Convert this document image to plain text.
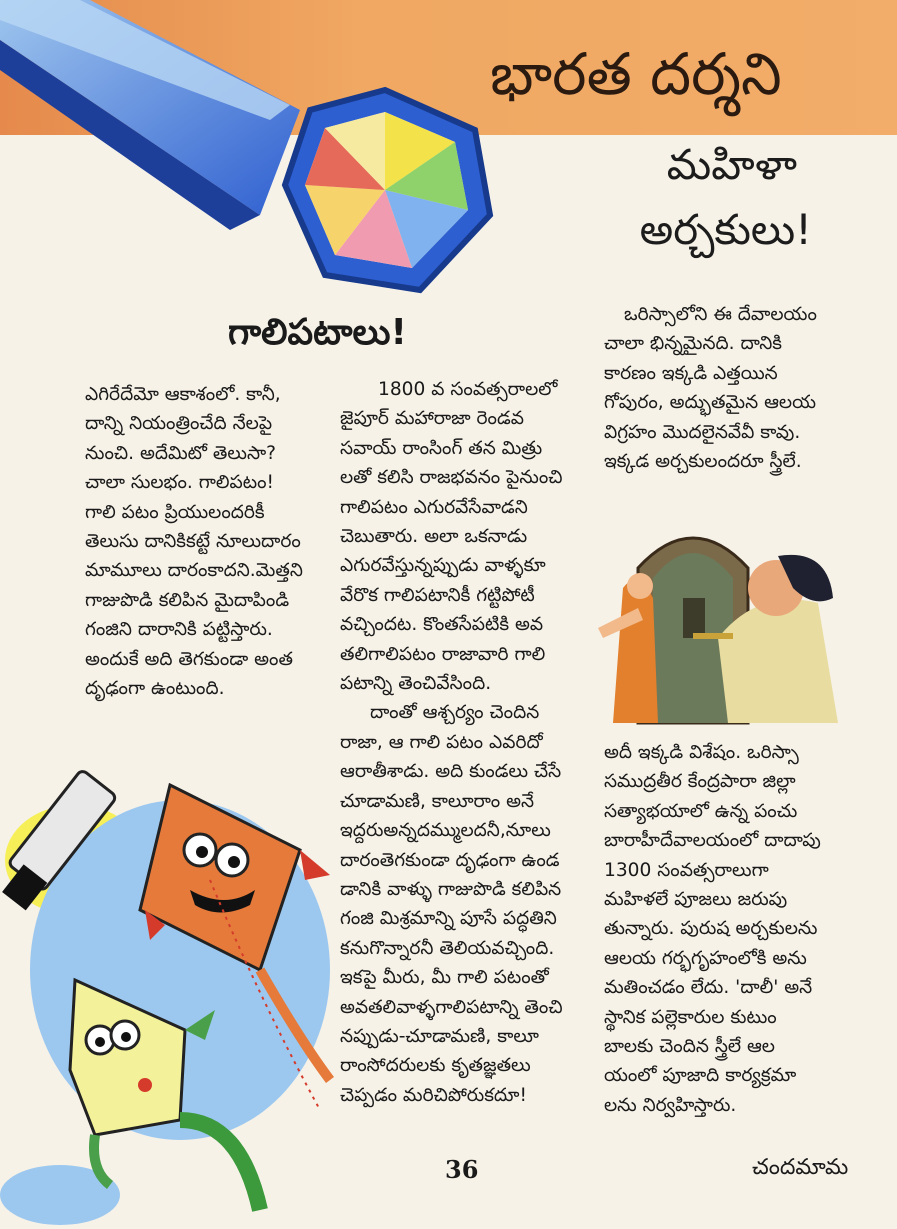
భారత దర్శని
మహిళా
అర్చకులు!
గాలిపటాలు!

ఎగిరేదేమో ఆకాశంలో. కానీ,

దాన్ని నియంత్రించేది నేలపై

నుంచి. అదేమిటో తెలుసా?

చాలా సులభం. గాలిపటం!

గాలి పటం ప్రియులందరికీ

తెలుసు దానికికట్టే నూలుదారం

మామూలు దారంకాదని.మెత్తని

గాజుపొడి కలిపిన మైదాపిండి

గంజిని దారానికి పట్టిస్తారు.

అందుకే అది తెగకుండా అంత

దృఢంగా ఉంటుంది.

1800 వ సంవత్సరాలలో

జైపూర్ మహారాజా రెండవ

సవాయ్ రాంసింగ్ తన మిత్రు

లతో కలిసి రాజభవనం పైనుంచి

గాలిపటం ఎగురవేసేవాడని

చెబుతారు. అలా ఒకనాడు

ఎగురవేస్తున్నప్పుడు వాళ్ళకూ

వేరొక గాలిపటానికీ గట్టిపోటీ

వచ్చిందట. కొంతసేపటికి అవ

తలిగాలిపటం రాజావారి గాలి

పటాన్ని తెంచివేసింది.

దాంతో ఆశ్చర్యం చెందిన

రాజా, ఆ గాలి పటం ఎవరిదో

ఆరాతీశాడు. అది కుండలు చేసే

చూడామణి, కాలూరాం అనే

ఇద్దరుఅన్నదమ్ములదనీ,నూలు

దారంతెగకుండా దృఢంగా ఉండ

డానికి వాళ్ళు గాజుపొడి కలిపిన

గంజి మిశ్రమాన్ని పూసే పద్ధతిని

కనుగొన్నారనీ తెలియవచ్చింది.

ఇకపై మీరు, మీ గాలి పటంతో

అవతలివాళ్ళగాలిపటాన్ని తెంచి

నప్పుడు-చూడామణి, కాలూ

రాంసోదరులకు కృతజ్ఞతలు

చెప్పడం మరిచిపోరుకదూ!

ఒరిస్సాలోని ఈ దేవాలయం

చాలా భిన్నమైనది. దానికి

కారణం ఇక్కడి ఎత్తయిన

గోపురం, అద్భుతమైన ఆలయ

విగ్రహం మొదలైనవేవీ కావు.

ఇక్కడ అర్చకులందరూ స్త్రీలే.

అదీ ఇక్కడి విశేషం. ఒరిస్సా

సముద్రతీర కేంద్రపారా జిల్లా

సత్యాభయాలో ఉన్న పంచు

బారాహీదేవాలయంలో దాదాపు

1300 సంవత్సరాలుగా

మహిళలే పూజలు జరుపు

తున్నారు. పురుష అర్చకులను

ఆలయ గర్భగృహంలోకి అను

మతించడం లేదు. 'దాలీ' అనే

స్థానిక పల్లెకారుల కుటుం

బాలకు చెందిన స్త్రీలే ఆల

యంలో పూజాది కార్యక్రమా

లను నిర్వహిస్తారు.

36	చందమామ
